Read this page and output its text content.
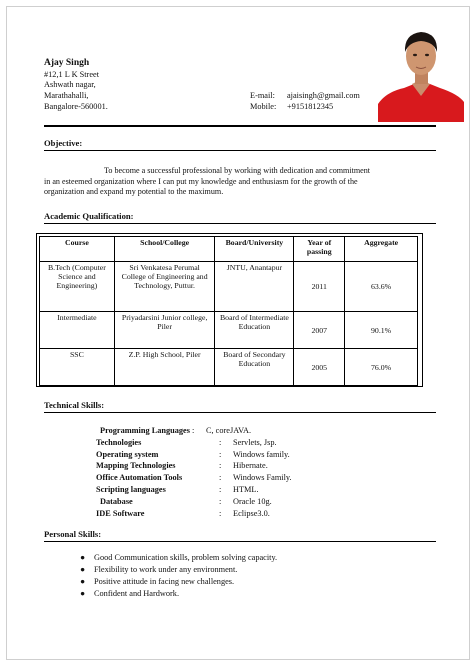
Ajay Singh
#12,1 L K Street
Ashwath nagar,
Marathahalli,
Bangalore-560001.
E-mail: ajaisingh@gmail.com
Mobile: +9151812345
Objective:
To become a successful professional by working with dedication and commitment
in an esteemed organization where I can put my knowledge and enthusiasm for the growth of the
organization and expand my potential to the maximum.
Academic Qualification:
Course	School/College	Board/University	Year of passing	Aggregate
B.Tech (Computer Science and Engineering)	Sri Venkatesa Perumal College of Engineering and Technology, Puttur.	JNTU, Anantapur	2011	63.6%
Intermediate	Priyadarsini Junior college, Piler	Board of Intermediate Education	2007	90.1%
SSC	Z.P. High School, Piler	Board of Secondary Education	2005	76.0%
Technical Skills:
Programming Languages : C, coreJAVA.
Technologies	: Servlets, Jsp.
Operating system	: Windows family.
Mapping Technologies	: Hibernate.
Office Automation Tools	: Windows Family.
Scripting languages	: HTML.
Database	: Oracle 10g.
IDE Software	: Eclipse3.0.
Personal Skills:
● Good Communication skills, problem solving capacity.
● Flexibility to work under any environment.
● Positive attitude in facing new challenges.
● Confident and Hardwork.
